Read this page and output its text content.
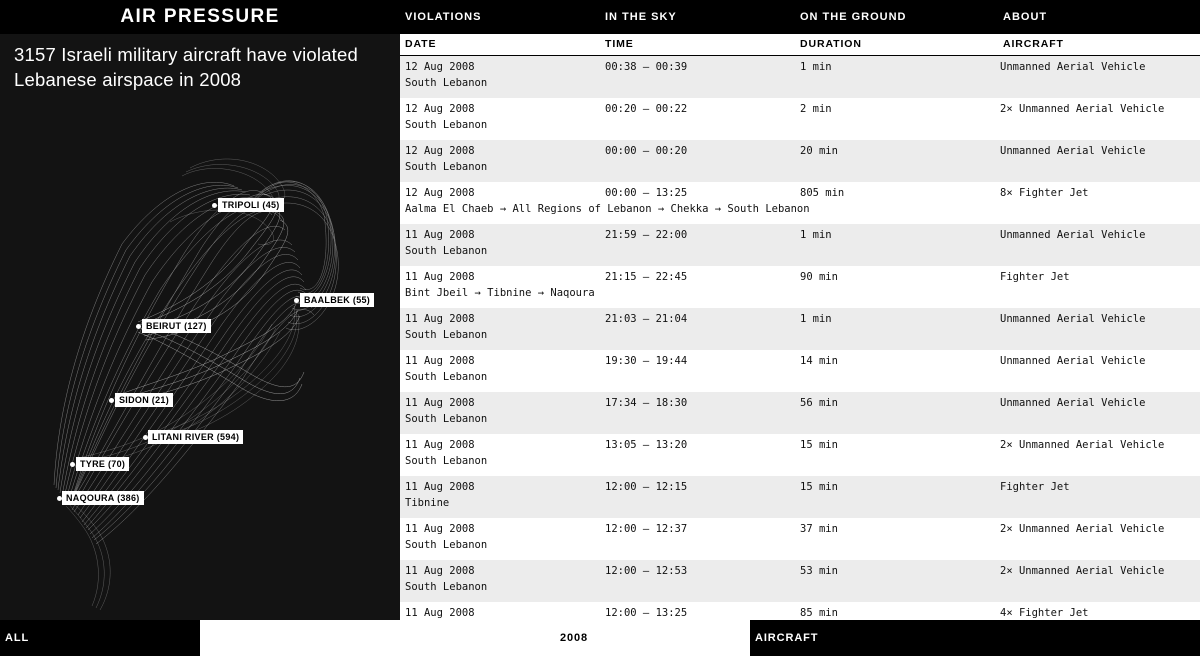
AIR PRESSURE
3157 Israeli military aircraft have violated Lebanese airspace in 2008
TRIPOLI (45)
BAALBEK (55)
BEIRUT (127)
SIDON (21)
LITANI RIVER (594)
TYRE (70)
NAQOURA (386)
VIOLATIONS	IN THE SKY	ON THE GROUND	ABOUT
DATE	TIME	DURATION	AIRCRAFT
12 Aug 2008	00:38 – 00:39	1 min	Unmanned Aerial Vehicle
South Lebanon
12 Aug 2008	00:20 – 00:22	2 min	2× Unmanned Aerial Vehicle
South Lebanon
12 Aug 2008	00:00 – 00:20	20 min	Unmanned Aerial Vehicle
South Lebanon
12 Aug 2008	00:00 – 13:25	805 min	8× Fighter Jet
Aalma El Chaeb → All Regions of Lebanon → Chekka → South Lebanon
11 Aug 2008	21:59 – 22:00	1 min	Unmanned Aerial Vehicle
South Lebanon
11 Aug 2008	21:15 – 22:45	90 min	Fighter Jet
Bint Jbeil → Tibnine → Naqoura
11 Aug 2008	21:03 – 21:04	1 min	Unmanned Aerial Vehicle
South Lebanon
11 Aug 2008	19:30 – 19:44	14 min	Unmanned Aerial Vehicle
South Lebanon
11 Aug 2008	17:34 – 18:30	56 min	Unmanned Aerial Vehicle
South Lebanon
11 Aug 2008	13:05 – 13:20	15 min	2× Unmanned Aerial Vehicle
South Lebanon
11 Aug 2008	12:00 – 12:15	15 min	Fighter Jet
Tibnine
11 Aug 2008	12:00 – 12:37	37 min	2× Unmanned Aerial Vehicle
South Lebanon
11 Aug 2008	12:00 – 12:53	53 min	2× Unmanned Aerial Vehicle
South Lebanon
11 Aug 2008	12:00 – 13:25	85 min	4× Fighter Jet
ALL	2008	AIRCRAFT
